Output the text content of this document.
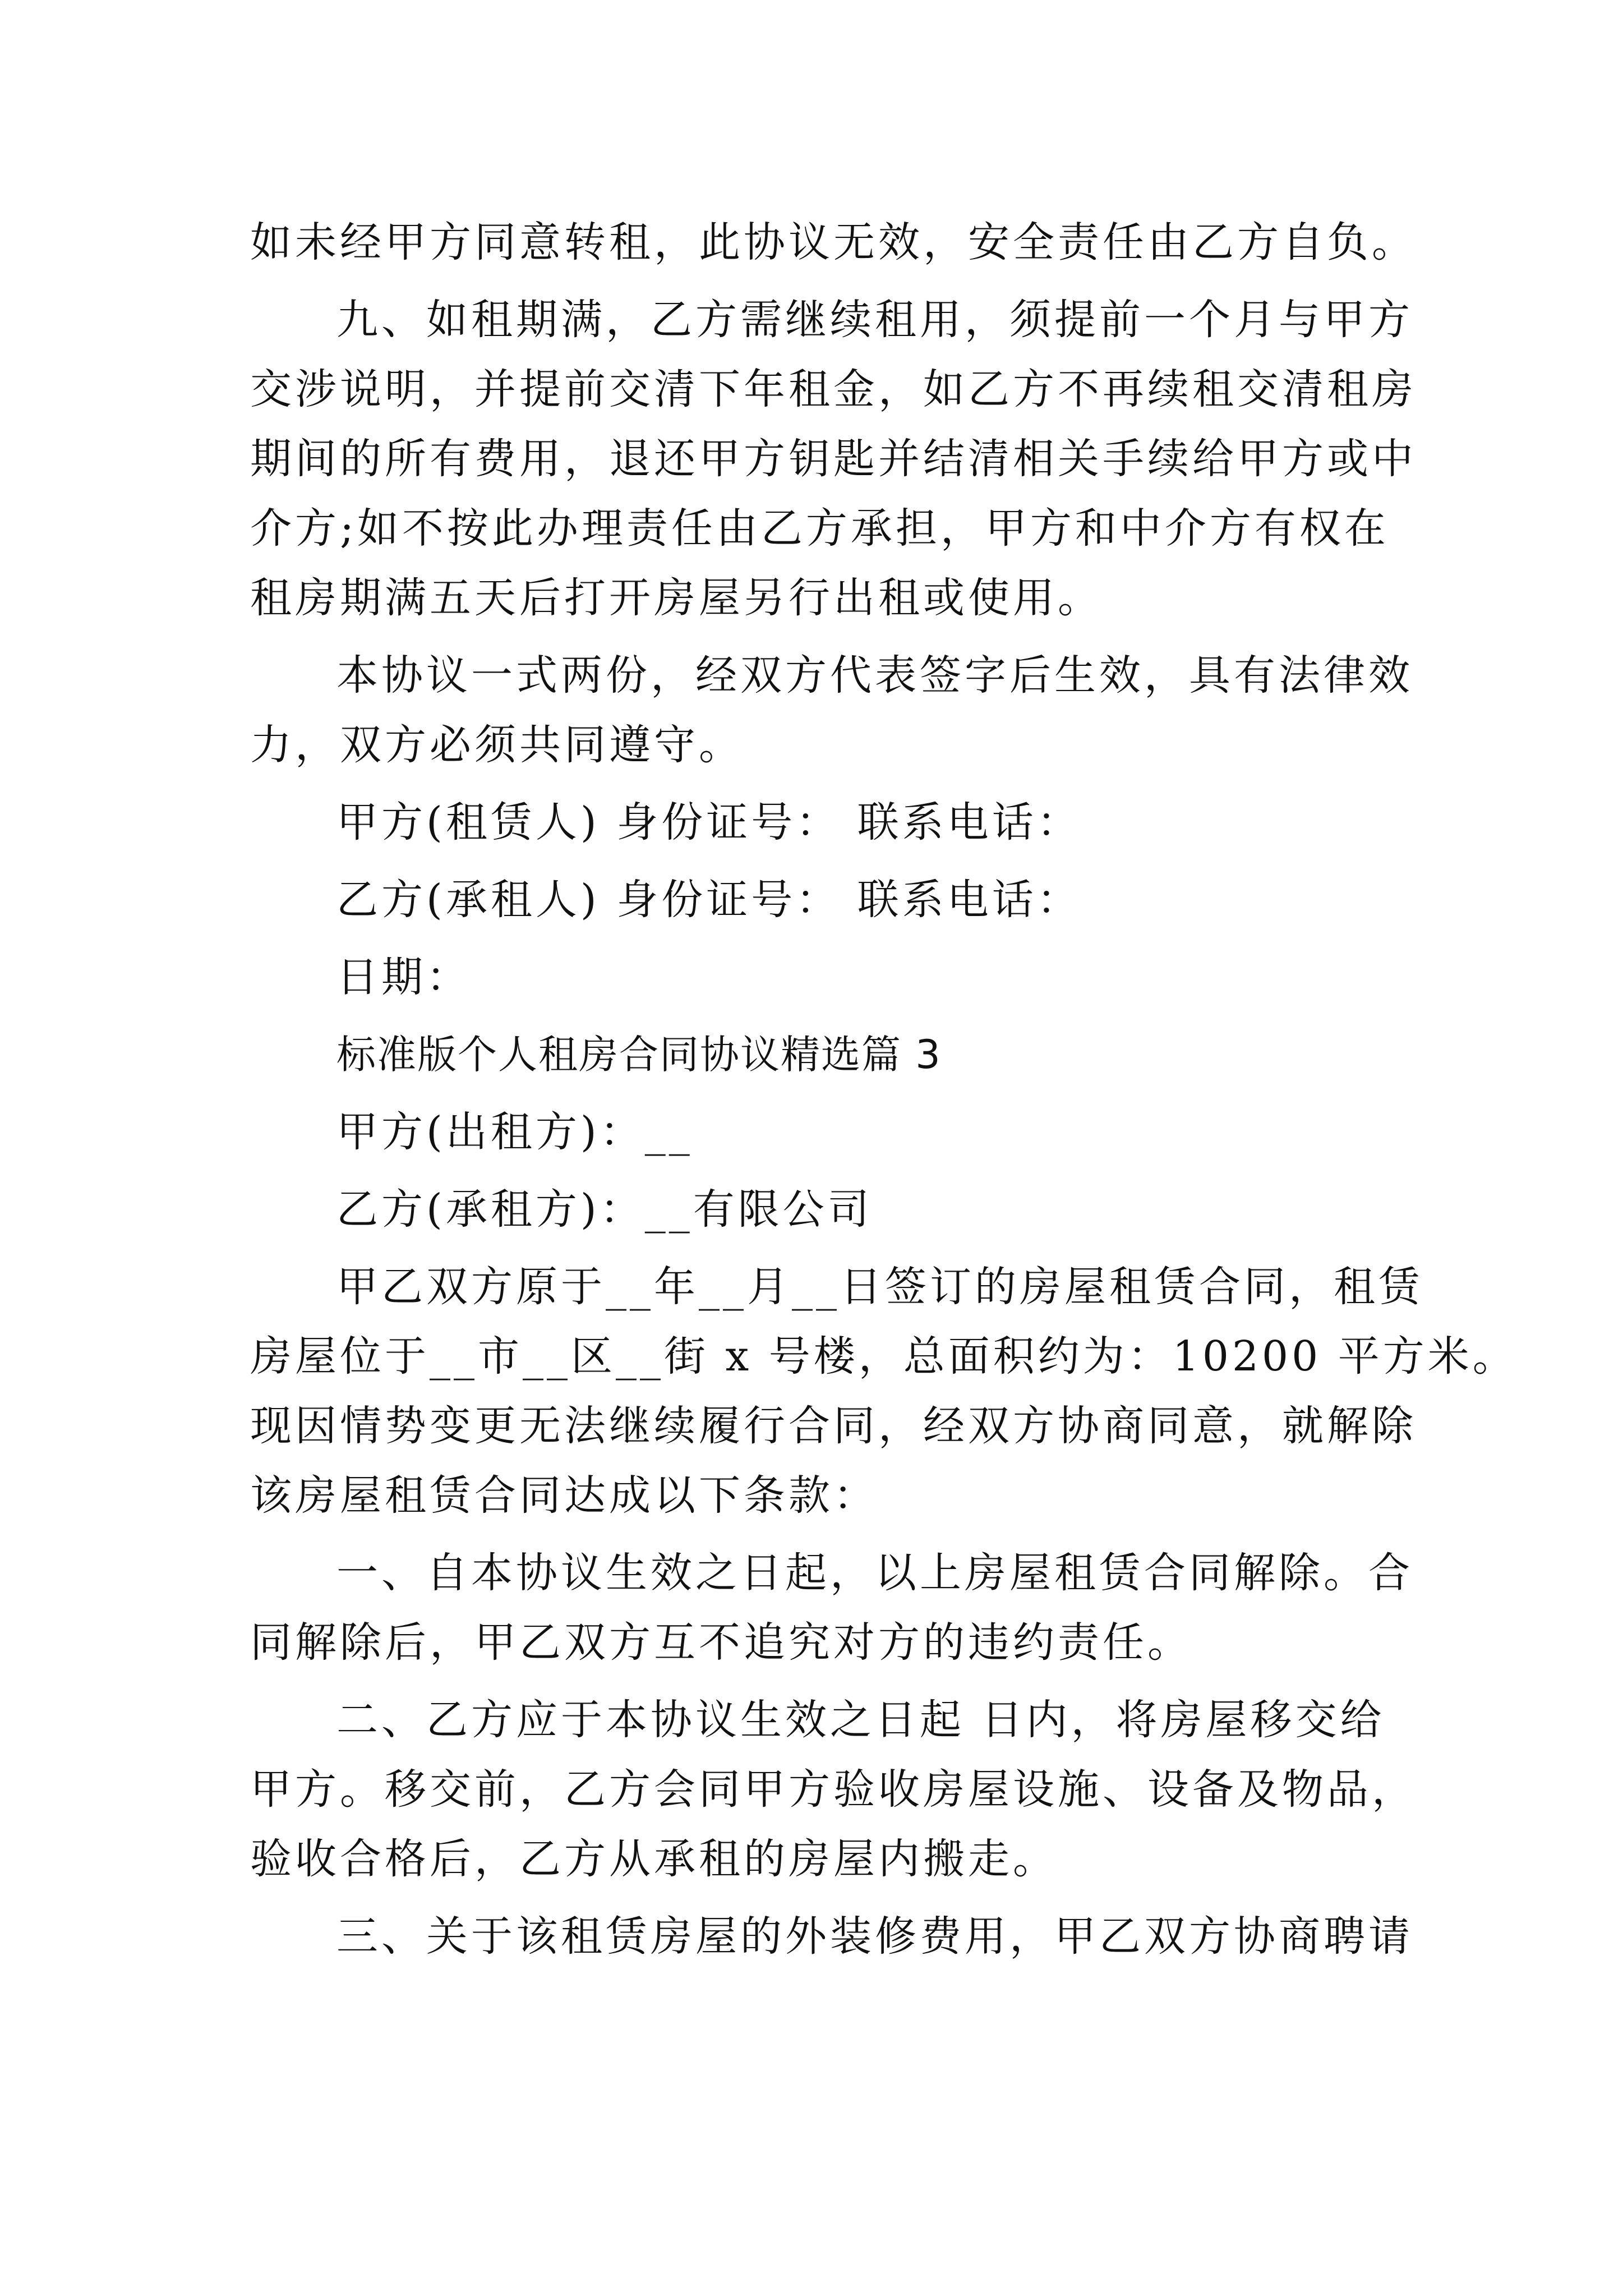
如未经甲方同意转租，此协议无效，安全责任由乙方自负。
九、如租期满，乙方需继续租用，须提前一个月与甲方
交涉说明，并提前交清下年租金，如乙方不再续租交清租房
期间的所有费用，退还甲方钥匙并结清相关手续给甲方或中
介方;如不按此办理责任由乙方承担，甲方和中介方有权在
租房期满五天后打开房屋另行出租或使用。
本协议一式两份，经双方代表签字后生效，具有法律效
力，双方必须共同遵守。
甲方(租赁人) 身份证号： 联系电话：
乙方(承租人) 身份证号： 联系电话：
日期：
标准版个人租房合同协议精选篇 3
甲方(出租方)：__
乙方(承租方)：__有限公司
甲乙双方原于__年__月__日签订的房屋租赁合同，租赁
房屋位于__市__区__街 x 号楼，总面积约为：10200 平方米。
现因情势变更无法继续履行合同，经双方协商同意，就解除
该房屋租赁合同达成以下条款：
一、自本协议生效之日起，以上房屋租赁合同解除。合
同解除后，甲乙双方互不追究对方的违约责任。
二、乙方应于本协议生效之日起 日内，将房屋移交给
甲方。移交前，乙方会同甲方验收房屋设施、设备及物品，
验收合格后，乙方从承租的房屋内搬走。
三、关于该租赁房屋的外装修费用，甲乙双方协商聘请
